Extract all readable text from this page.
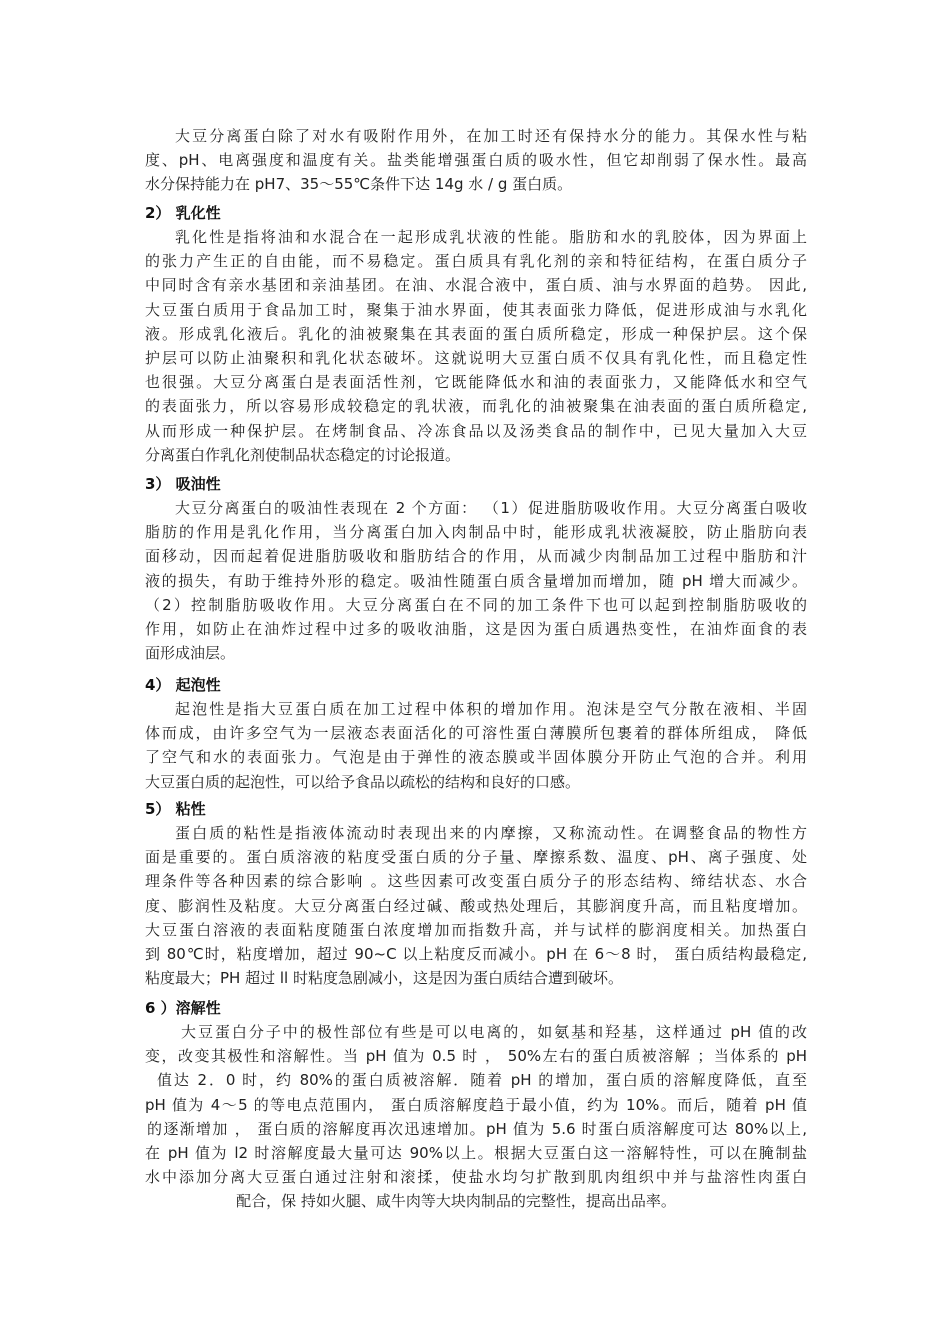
大豆分离蛋白除了对水有吸附作用外，在加工时还有保持水分的能力。其保水性与粘
度、pH、电离强度和温度有关。盐类能增强蛋白质的吸水性，但它却削弱了保水性。最高
水分保持能力在 pH7、35～55℃条件下达 14g 水 / g 蛋白质。
2） 乳化性
乳化性是指将油和水混合在一起形成乳状液的性能。脂肪和水的乳胶体，因为界面上
的张力产生正的自由能，而不易稳定。蛋白质具有乳化剂的亲和特征结构，在蛋白质分子
中同时含有亲水基团和亲油基团。在油、水混合液中，蛋白质、油与水界面的趋势。 因此,
大豆蛋白质用于食品加工时，聚集于油水界面，使其表面张力降低，促进形成油与水乳化
液。形成乳化液后。乳化的油被聚集在其表面的蛋白质所稳定，形成一种保护层。这个保
护层可以防止油聚积和乳化状态破坏。这就说明大豆蛋白质不仅具有乳化性，而且稳定性
也很强。大豆分离蛋白是表面活性剂，它既能降低水和油的表面张力，又能降低水和空气
的表面张力，所以容易形成较稳定的乳状液，而乳化的油被聚集在油表面的蛋白质所稳定,
从而形成一种保护层。在烤制食品、冷冻食品以及汤类食品的制作中，已见大量加入大豆
分离蛋白作乳化剂使制品状态稳定的讨论报道。
3） 吸油性
大豆分离蛋白的吸油性表现在 2 个方面： （1）促进脂肪吸收作用。大豆分离蛋白吸收
脂肪的作用是乳化作用，当分离蛋白加入肉制品中时，能形成乳状液凝胶，防止脂肪向表
面移动，因而起着促进脂肪吸收和脂肪结合的作用，从而减少肉制品加工过程中脂肪和汁
液的损失，有助于维持外形的稳定。吸油性随蛋白质含量增加而增加，随 pH 增大而减少。
（2）控制脂肪吸收作用。大豆分离蛋白在不同的加工条件下也可以起到控制脂肪吸收的
作用，如防止在油炸过程中过多的吸收油脂，这是因为蛋白质遇热变性，在油炸面食的表
面形成油层。
4） 起泡性
起泡性是指大豆蛋白质在加工过程中体积的增加作用。泡沫是空气分散在液相、半固
体而成，由许多空气为一层液态表面活化的可溶性蛋白薄膜所包裹着的群体所组成， 降低
了空气和水的表面张力。气泡是由于弹性的液态膜或半固体膜分开防止气泡的合并。利用
大豆蛋白质的起泡性，可以给予食品以疏松的结构和良好的口感。
5） 粘性
蛋白质的粘性是指液体流动时表现出来的内摩擦，又称流动性。在调整食品的物性方
面是重要的。蛋白质溶液的粘度受蛋白质的分子量、摩擦系数、温度、pH、离子强度、处
理条件等各种因素的综合影响 。这些因素可改变蛋白质分子的形态结构、缔结状态、水合
度、膨润性及粘度。大豆分离蛋白经过碱、酸或热处理后，其膨润度升高，而且粘度增加。
大豆蛋白溶液的表面粘度随蛋白浓度增加而指数升高，并与试样的膨润度相关。加热蛋白
到 80℃时，粘度增加，超过 90~C 以上粘度反而减小。pH 在 6～8 时， 蛋白质结构最稳定,
粘度最大；PH 超过 ll 时粘度急剧减小，这是因为蛋白质结合遭到破坏。
6 ）溶解性
大豆蛋白分子中的极性部位有些是可以电离的，如氨基和羟基，这样通过 pH 值的改
变，改变其极性和溶解性。当 pH 值为 0.5 时 ， 50%左右的蛋白质被溶解 ；当体系的 pH
值达 2．0 时，约 80%的蛋白质被溶解．随着 pH 的增加，蛋白质的溶解度降低，直至
pH 值为 4～5 的等电点范围内， 蛋白质溶解度趋于最小值，约为 10%。而后，随着 pH 值
的逐渐增加 ， 蛋白质的溶解度再次迅速增加。pH 值为 5.6 时蛋白质溶解度可达 80%以上,
在 pH 值为 l2 时溶解度最大量可达 90%以上。根据大豆蛋白这一溶解特性，可以在腌制盐
水中添加分离大豆蛋白通过注射和滚揉，使盐水均匀扩散到肌肉组织中并与盐溶性肉蛋白
配合，保 持如火腿、咸牛肉等大块肉制品的完整性，提高出品率。
